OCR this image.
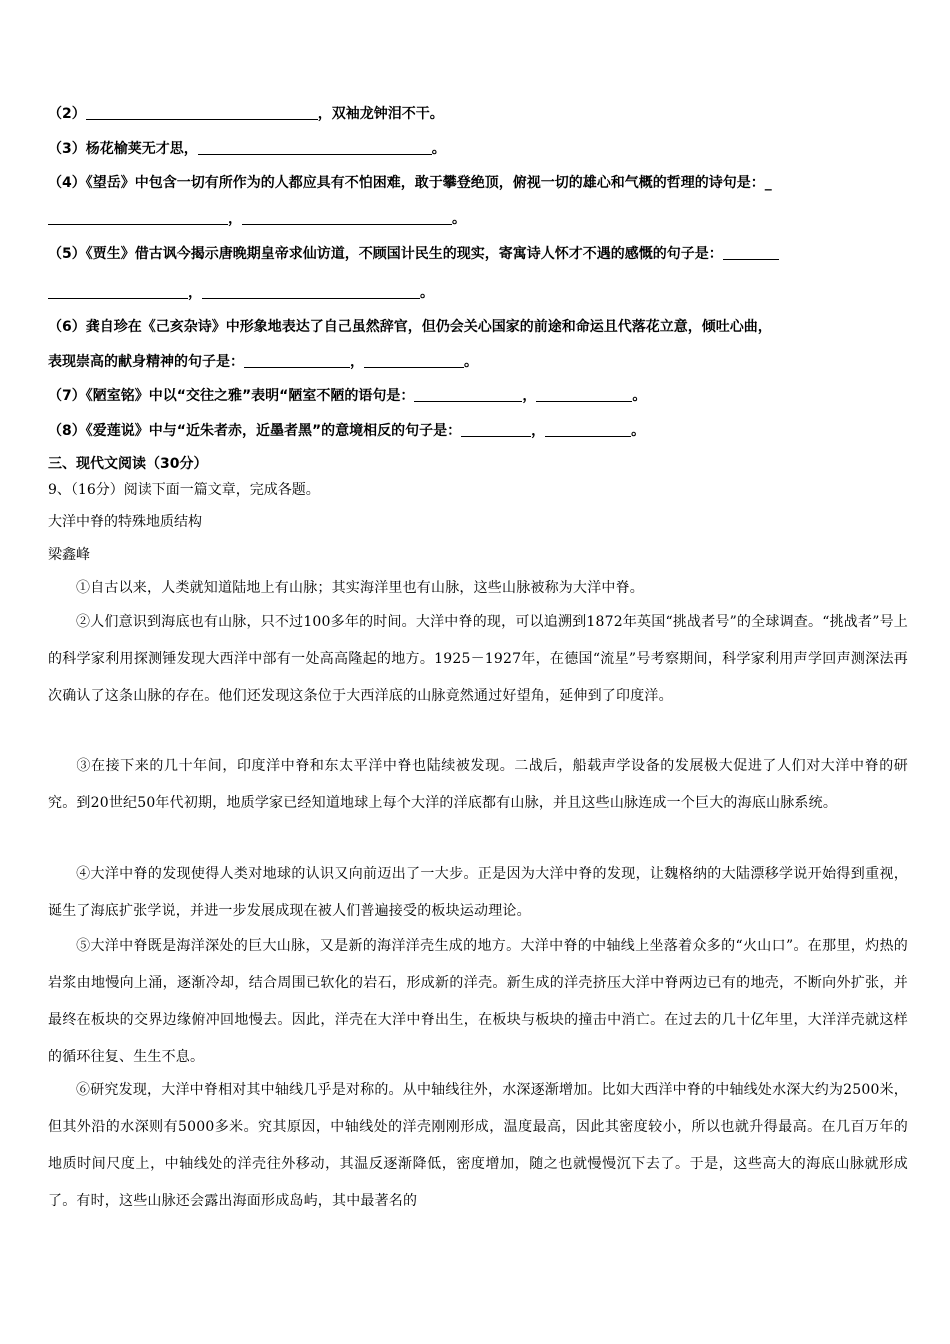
（2）	，双袖龙钟泪不干。
（3）杨花榆荚无才思，	。
（4）《望岳》中包含一切有所作为的人都应具有不怕困难，敢于攀登绝顶，俯视一切的雄心和气概的哲理的诗句是：_
，	。
（5）《贾生》借古讽今揭示唐晚期皇帝求仙访道，不顾国计民生的现实，寄寓诗人怀才不遇的感慨的句子是：
，	。
（6）龚自珍在《己亥杂诗》中形象地表达了自己虽然辞官，但仍会关心国家的前途和命运且代落花立意，倾吐心曲，
表现崇高的献身精神的句子是：	，	。
（7）《陋室铭》中以“交往之雅”表明“陋室不陋的语句是：	，	。
（8）《爱莲说》中与“近朱者赤，近墨者黑”的意境相反的句子是：	，	。
三、现代文阅读（30分）
9、（16分）阅读下面一篇文章，完成各题。
大洋中脊的特殊地质结构
梁鑫峰
①自古以来，人类就知道陆地上有山脉；其实海洋里也有山脉，这些山脉被称为大洋中脊。
②人们意识到海底也有山脉，只不过100多年的时间。大洋中脊的现，可以追溯到1872年英国“挑战者号”的全球调查。“挑战者”号上的科学家利用探测锤发现大西洋中部有一处高高隆起的地方。1925－1927年，在德国“流星”号考察期间，科学家利用声学回声测深法再次确认了这条山脉的存在。他们还发现这条位于大西洋底的山脉竟然通过好望角，延伸到了印度洋。
③在接下来的几十年间，印度洋中脊和东太平洋中脊也陆续被发现。二战后，船载声学设备的发展极大促进了人们对大洋中脊的研究。到20世纪50年代初期，地质学家已经知道地球上每个大洋的洋底都有山脉，并且这些山脉连成一个巨大的海底山脉系统。
④大洋中脊的发现使得人类对地球的认识又向前迈出了一大步。正是因为大洋中脊的发现，让魏格纳的大陆漂移学说开始得到重视，诞生了海底扩张学说，并进一步发展成现在被人们普遍接受的板块运动理论。
⑤大洋中脊既是海洋深处的巨大山脉，又是新的海洋洋壳生成的地方。大洋中脊的中轴线上坐落着众多的“火山口”。在那里，灼热的岩浆由地慢向上涌，逐渐冷却，结合周围已软化的岩石，形成新的洋壳。新生成的洋壳挤压大洋中脊两边已有的地壳，不断向外扩张，并最终在板块的交界边缘俯冲回地慢去。因此，洋壳在大洋中脊出生，在板块与板块的撞击中消亡。在过去的几十亿年里，大洋洋壳就这样的循环往复、生生不息。
⑥研究发现，大洋中脊相对其中轴线几乎是对称的。从中轴线往外，水深逐渐增加。比如大西洋中脊的中轴线处水深大约为2500米，但其外沿的水深则有5000多米。究其原因，中轴线处的洋壳刚刚形成，温度最高，因此其密度较小，所以也就升得最高。在几百万年的地质时间尺度上，中轴线处的洋壳往外移动，其温反逐渐降低，密度增加，随之也就慢慢沉下去了。于是，这些高大的海底山脉就形成了。有时，这些山脉还会露出海面形成岛屿，其中最著名的
